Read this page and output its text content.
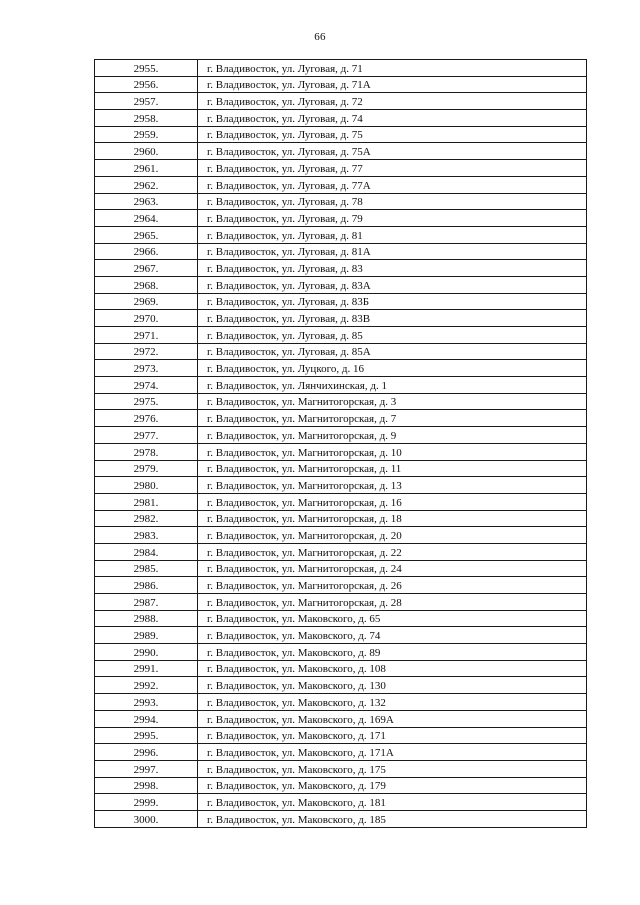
66
2955.	г. Владивосток, ул. Луговая, д. 71
2956.	г. Владивосток, ул. Луговая, д. 71А
2957.	г. Владивосток, ул. Луговая, д. 72
2958.	г. Владивосток, ул. Луговая, д. 74
2959.	г. Владивосток, ул. Луговая, д. 75
2960.	г. Владивосток, ул. Луговая, д. 75А
2961.	г. Владивосток, ул. Луговая, д. 77
2962.	г. Владивосток, ул. Луговая, д. 77А
2963.	г. Владивосток, ул. Луговая, д. 78
2964.	г. Владивосток, ул. Луговая, д. 79
2965.	г. Владивосток, ул. Луговая, д. 81
2966.	г. Владивосток, ул. Луговая, д. 81А
2967.	г. Владивосток, ул. Луговая, д. 83
2968.	г. Владивосток, ул. Луговая, д. 83А
2969.	г. Владивосток, ул. Луговая, д. 83Б
2970.	г. Владивосток, ул. Луговая, д. 83В
2971.	г. Владивосток, ул. Луговая, д. 85
2972.	г. Владивосток, ул. Луговая, д. 85А
2973.	г. Владивосток, ул. Луцкого, д. 16
2974.	г. Владивосток, ул. Лянчихинская, д. 1
2975.	г. Владивосток, ул. Магнитогорская, д. 3
2976.	г. Владивосток, ул. Магнитогорская, д. 7
2977.	г. Владивосток, ул. Магнитогорская, д. 9
2978.	г. Владивосток, ул. Магнитогорская, д. 10
2979.	г. Владивосток, ул. Магнитогорская, д. 11
2980.	г. Владивосток, ул. Магнитогорская, д. 13
2981.	г. Владивосток, ул. Магнитогорская, д. 16
2982.	г. Владивосток, ул. Магнитогорская, д. 18
2983.	г. Владивосток, ул. Магнитогорская, д. 20
2984.	г. Владивосток, ул. Магнитогорская, д. 22
2985.	г. Владивосток, ул. Магнитогорская, д. 24
2986.	г. Владивосток, ул. Магнитогорская, д. 26
2987.	г. Владивосток, ул. Магнитогорская, д. 28
2988.	г. Владивосток, ул. Маковского, д. 65
2989.	г. Владивосток, ул. Маковского, д. 74
2990.	г. Владивосток, ул. Маковского, д. 89
2991.	г. Владивосток, ул. Маковского, д. 108
2992.	г. Владивосток, ул. Маковского, д. 130
2993.	г. Владивосток, ул. Маковского, д. 132
2994.	г. Владивосток, ул. Маковского, д. 169А
2995.	г. Владивосток, ул. Маковского, д. 171
2996.	г. Владивосток, ул. Маковского, д. 171А
2997.	г. Владивосток, ул. Маковского, д. 175
2998.	г. Владивосток, ул. Маковского, д. 179
2999.	г. Владивосток, ул. Маковского, д. 181
3000.	г. Владивосток, ул. Маковского, д. 185
